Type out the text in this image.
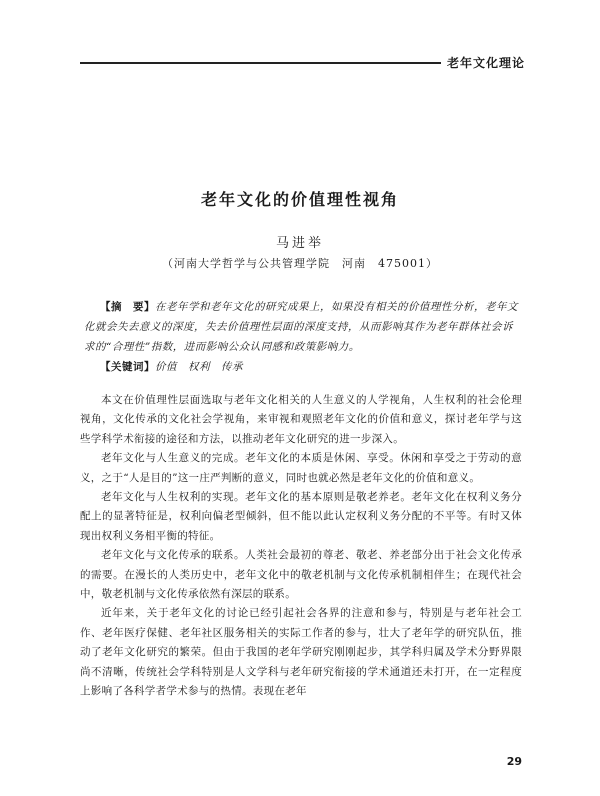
老年文化理论
老年文化的价值理性视角
马进举
（河南大学哲学与公共管理学院　河南　475001）
【摘　要】在老年学和老年文化的研究成果上，如果没有相关的价值理性分析，老年文化就会失去意义的深度，失去价值理性层面的深度支持，从而影响其作为老年群体社会诉求的“合理性”指数，进而影响公众认同感和政策影响力。
【关键词】价值　权利　传承

本文在价值理性层面选取与老年文化相关的人生意义的人学视角，人生权利的社会伦理视角，文化传承的文化社会学视角，来审视和观照老年文化的价值和意义，探讨老年学与这些学科学术衔接的途径和方法，以推动老年文化研究的进一步深入。

老年文化与人生意义的完成。老年文化的本质是休闲、享受。休闲和享受之于劳动的意义，之于“人是目的”这一庄严判断的意义，同时也就必然是老年文化的价值和意义。

老年文化与人生权利的实现。老年文化的基本原则是敬老养老。老年文化在权利义务分配上的显著特征是，权利向偏老型倾斜，但不能以此认定权利义务分配的不平等。有时又体现出权利义务相平衡的特征。

老年文化与文化传承的联系。人类社会最初的尊老、敬老、养老部分出于社会文化传承的需要。在漫长的人类历史中，老年文化中的敬老机制与文化传承机制相伴生；在现代社会中，敬老机制与文化传承依然有深层的联系。

近年来，关于老年文化的讨论已经引起社会各界的注意和参与，特别是与老年社会工作、老年医疗保健、老年社区服务相关的实际工作者的参与，壮大了老年学的研究队伍，推动了老年文化研究的繁荣。但由于我国的老年学研究刚刚起步，其学科归属及学术分野界限尚不清晰，传统社会学科特别是人文学科与老年研究衔接的学术通道还未打开，在一定程度上影响了各科学者学术参与的热情。表现在老年

29
